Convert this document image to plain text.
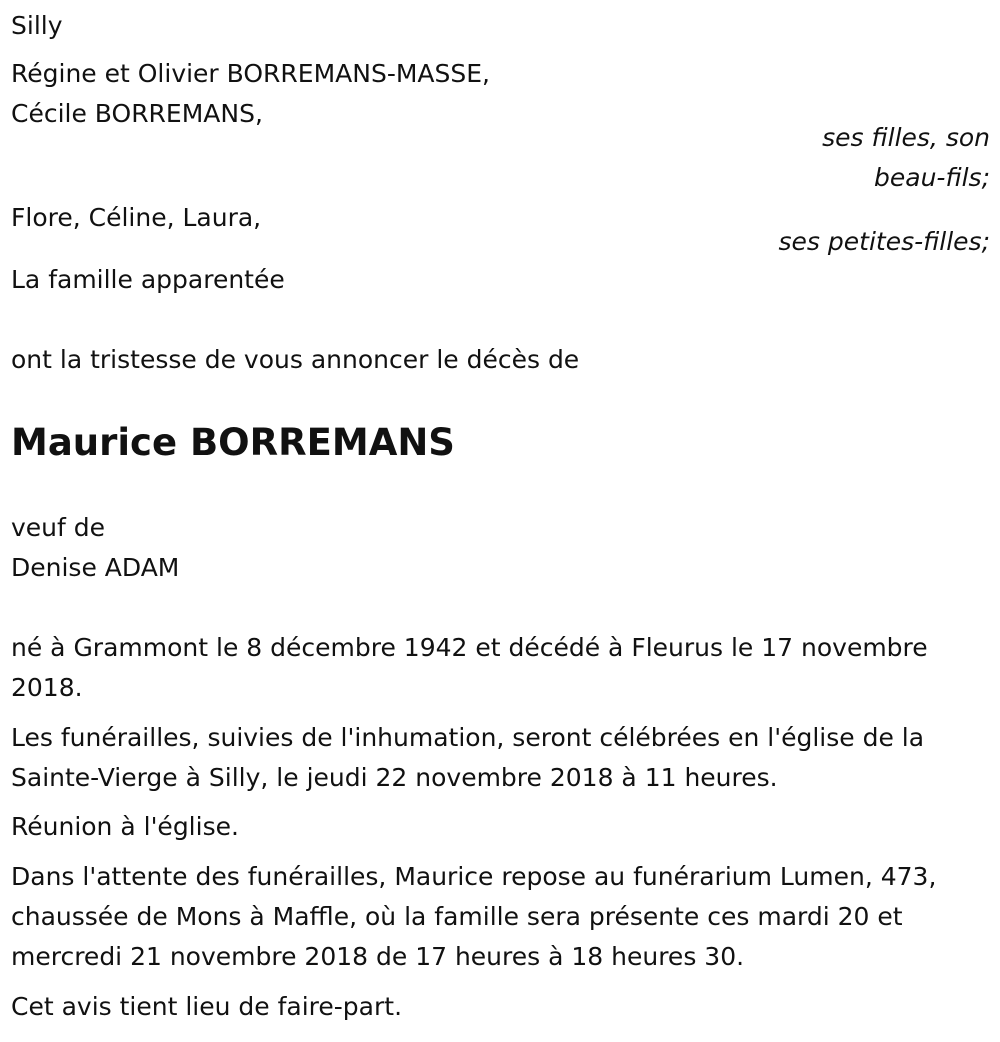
Silly
Régine et Olivier BORREMANS-MASSE,
Cécile BORREMANS,
ses filles, son
beau-fils;
Flore, Céline, Laura,
ses petites-filles;
La famille apparentée
ont la tristesse de vous annoncer le décès de
Maurice BORREMANS
veuf de
Denise ADAM
né à Grammont le 8 décembre 1942 et décédé à Fleurus le 17 novembre 2018.
Les funérailles, suivies de l'inhumation, seront célébrées en l'église de la Sainte-Vierge à Silly, le jeudi 22 novembre 2018 à 11 heures.
Réunion à l'église.
Dans l'attente des funérailles, Maurice repose au funérarium Lumen, 473, chaussée de Mons à Maffle, où la famille sera présente ces mardi 20 et mercredi 21 novembre 2018 de 17 heures à 18 heures 30.
Cet avis tient lieu de faire-part.
